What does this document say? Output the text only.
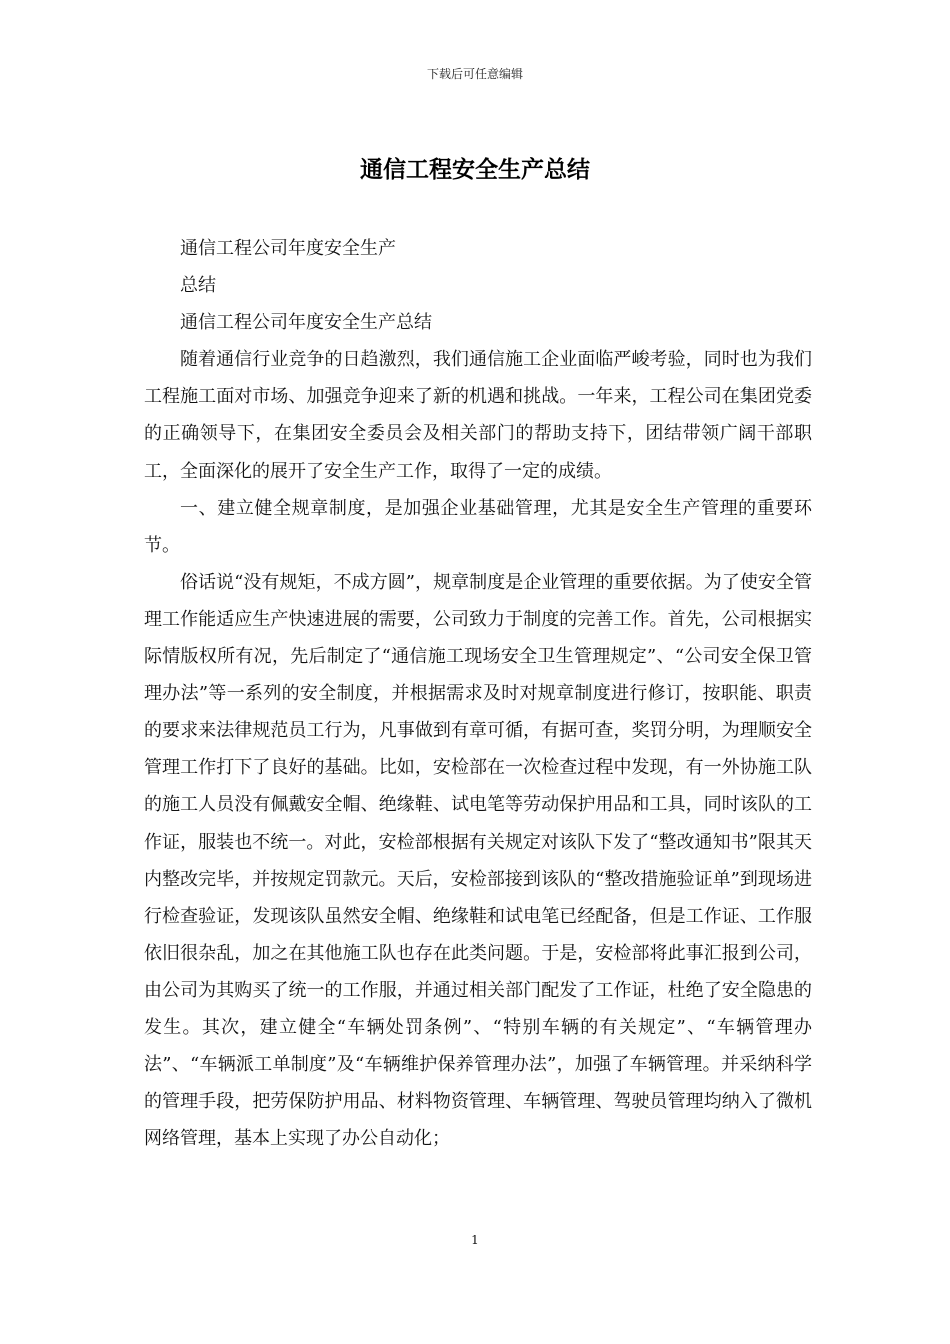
下载后可任意编辑
通信工程安全生产总结

通信工程公司年度安全生产

总结

通信工程公司年度安全生产总结

随着通信行业竞争的日趋激烈，我们通信施工企业面临严峻考验，同时也为我们工程施工面对市场、加强竞争迎来了新的机遇和挑战。一年来，工程公司在集团党委的正确领导下，在集团安全委员会及相关部门的帮助支持下，团结带领广阔干部职工，全面深化的展开了安全生产工作，取得了一定的成绩。

一、建立健全规章制度，是加强企业基础管理，尤其是安全生产管理的重要环节。

俗话说“没有规矩，不成方圆”，规章制度是企业管理的重要依据。为了使安全管理工作能适应生产快速进展的需要，公司致力于制度的完善工作。首先，公司根据实际情版权所有况，先后制定了“通信施工现场安全卫生管理规定”、“公司安全保卫管理办法”等一系列的安全制度，并根据需求及时对规章制度进行修订，按职能、职责的要求来法律规范员工行为，凡事做到有章可循，有据可查，奖罚分明，为理顺安全管理工作打下了良好的基础。比如，安检部在一次检查过程中发现，有一外协施工队的施工人员没有佩戴安全帽、绝缘鞋、试电笔等劳动保护用品和工具，同时该队的工作证，服装也不统一。对此，安检部根据有关规定对该队下发了“整改通知书”限其天内整改完毕，并按规定罚款元。天后，安检部接到该队的“整改措施验证单”到现场进行检查验证，发现该队虽然安全帽、绝缘鞋和试电笔已经配备，但是工作证、工作服依旧很杂乱，加之在其他施工队也存在此类问题。于是，安检部将此事汇报到公司，由公司为其购买了统一的工作服，并通过相关部门配发了工作证，杜绝了安全隐患的发生。其次，建立健全“车辆处罚条例”、“特别车辆的有关规定”、“车辆管理办法”、“车辆派工单制度”及“车辆维护保养管理办法”，加强了车辆管理。并采纳科学的管理手段，把劳保防护用品、材料物资管理、车辆管理、驾驶员管理均纳入了微机网络管理，基本上实现了办公自动化；

1
